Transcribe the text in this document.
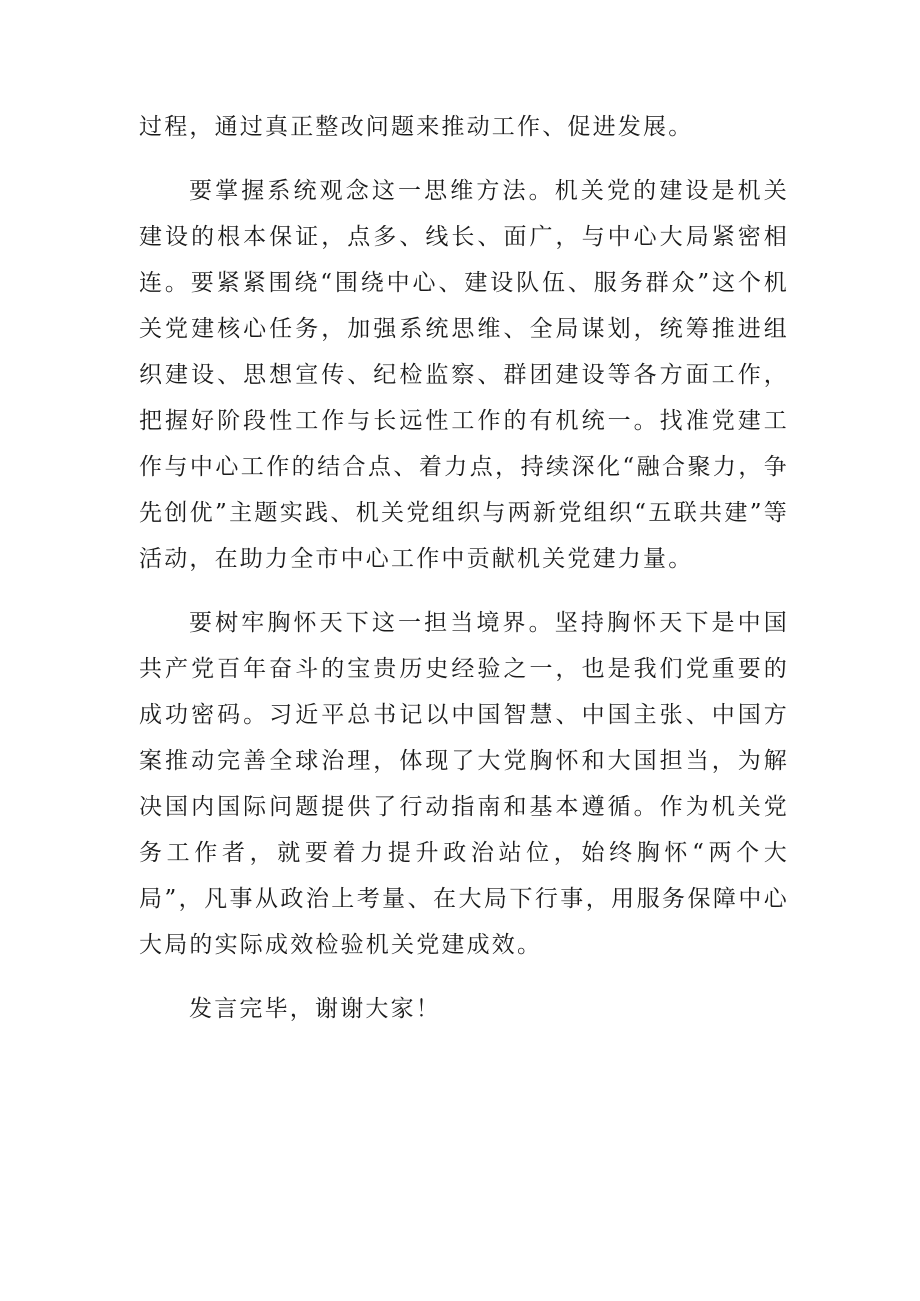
过程，通过真正整改问题来推动工作、促进发展。

要掌握系统观念这一思维方法。机关党的建设是机关建设的根本保证，点多、线长、面广，与中心大局紧密相连。要紧紧围绕“围绕中心、建设队伍、服务群众”这个机关党建核心任务，加强系统思维、全局谋划，统筹推进组织建设、思想宣传、纪检监察、群团建设等各方面工作，把握好阶段性工作与长远性工作的有机统一。找准党建工作与中心工作的结合点、着力点，持续深化“融合聚力，争先创优”主题实践、机关党组织与两新党组织“五联共建”等活动，在助力全市中心工作中贡献机关党建力量。

要树牢胸怀天下这一担当境界。坚持胸怀天下是中国共产党百年奋斗的宝贵历史经验之一，也是我们党重要的成功密码。习近平总书记以中国智慧、中国主张、中国方案推动完善全球治理，体现了大党胸怀和大国担当，为解决国内国际问题提供了行动指南和基本遵循。作为机关党务工作者，就要着力提升政治站位，始终胸怀“两个大局”，凡事从政治上考量、在大局下行事，用服务保障中心大局的实际成效检验机关党建成效。

发言完毕，谢谢大家！
